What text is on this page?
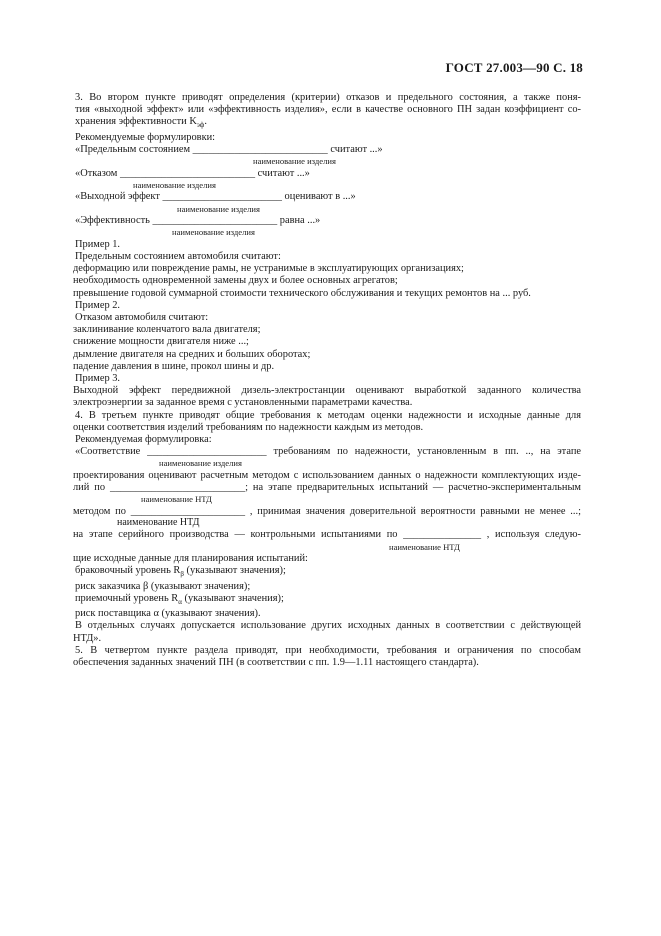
ГОСТ 27.003—90 С. 18
3. Во втором пункте приводят определения (критерии) отказов и предельного состояния, а также поня-
тия «выходной эффект» или «эффективность изделия», если в качестве основного ПН задан коэффициент со-
хранения эффективности $K_{эф}$.
Рекомендуемые формулировки:
«Предельным состоянием __________________________ считают ...»
наименование изделия
«Отказом __________________________ считают ...»
наименование изделия
«Выходной эффект _______________________ оценивают в ...»
наименование изделия
«Эффективность ________________________ равна ...»
наименование изделия
Пример 1.
Предельным состоянием автомобиля считают:
деформацию или повреждение рамы, не устранимые в эксплуатирующих организациях;
необходимость одновременной замены двух и более основных агрегатов;
превышение годовой суммарной стоимости технического обслуживания и текущих ремонтов на ... руб.
Пример 2.
Отказом автомобиля считают:
заклинивание коленчатого вала двигателя;
снижение мощности двигателя ниже ...;
дымление двигателя на средних и больших оборотах;
падение давления в шине, прокол шины и др.
Пример 3.
Выходной эффект передвижной дизель-электростанции оценивают выработкой заданного количества
электроэнергии за заданное время с установленными параметрами качества.
4. В третьем пункте приводят общие требования к методам оценки надежности и исходные данные для
оценки соответствия изделий требованиям по надежности каждым из методов.
Рекомендуемая формулировка:
«Соответствие _______________________ требованиям по надежности, установленным в пп. .., на этапе
наименование изделия
проектирования оценивают расчетным методом с использованием данных о надежности комплектующих изде-
лий по __________________________; на этапе предварительных испытаний — расчетно-экспериментальным
наименование НТД
методом по ______________________ , принимая значения доверительной вероятности равными не менее ...;
наименование НТД
на этапе серийного производства — контрольными испытаниями по _______________ , используя следую-
наименование НТД
щие исходные данные для планирования испытаний:
браковочный уровень $R_\beta$ (указывают значения);
риск заказчика β (указывают значения);
приемочный уровень $R_\alpha$ (указывают значения);
риск поставщика α (указывают значения).
В отдельных случаях допускается использование других исходных данных в соответствии с действующей
НТД».
5. В четвертом пункте раздела приводят, при необходимости, требования и ограничения по способам
обеспечения заданных значений ПН (в соответствии с пп. 1.9—1.11 настоящего стандарта).
